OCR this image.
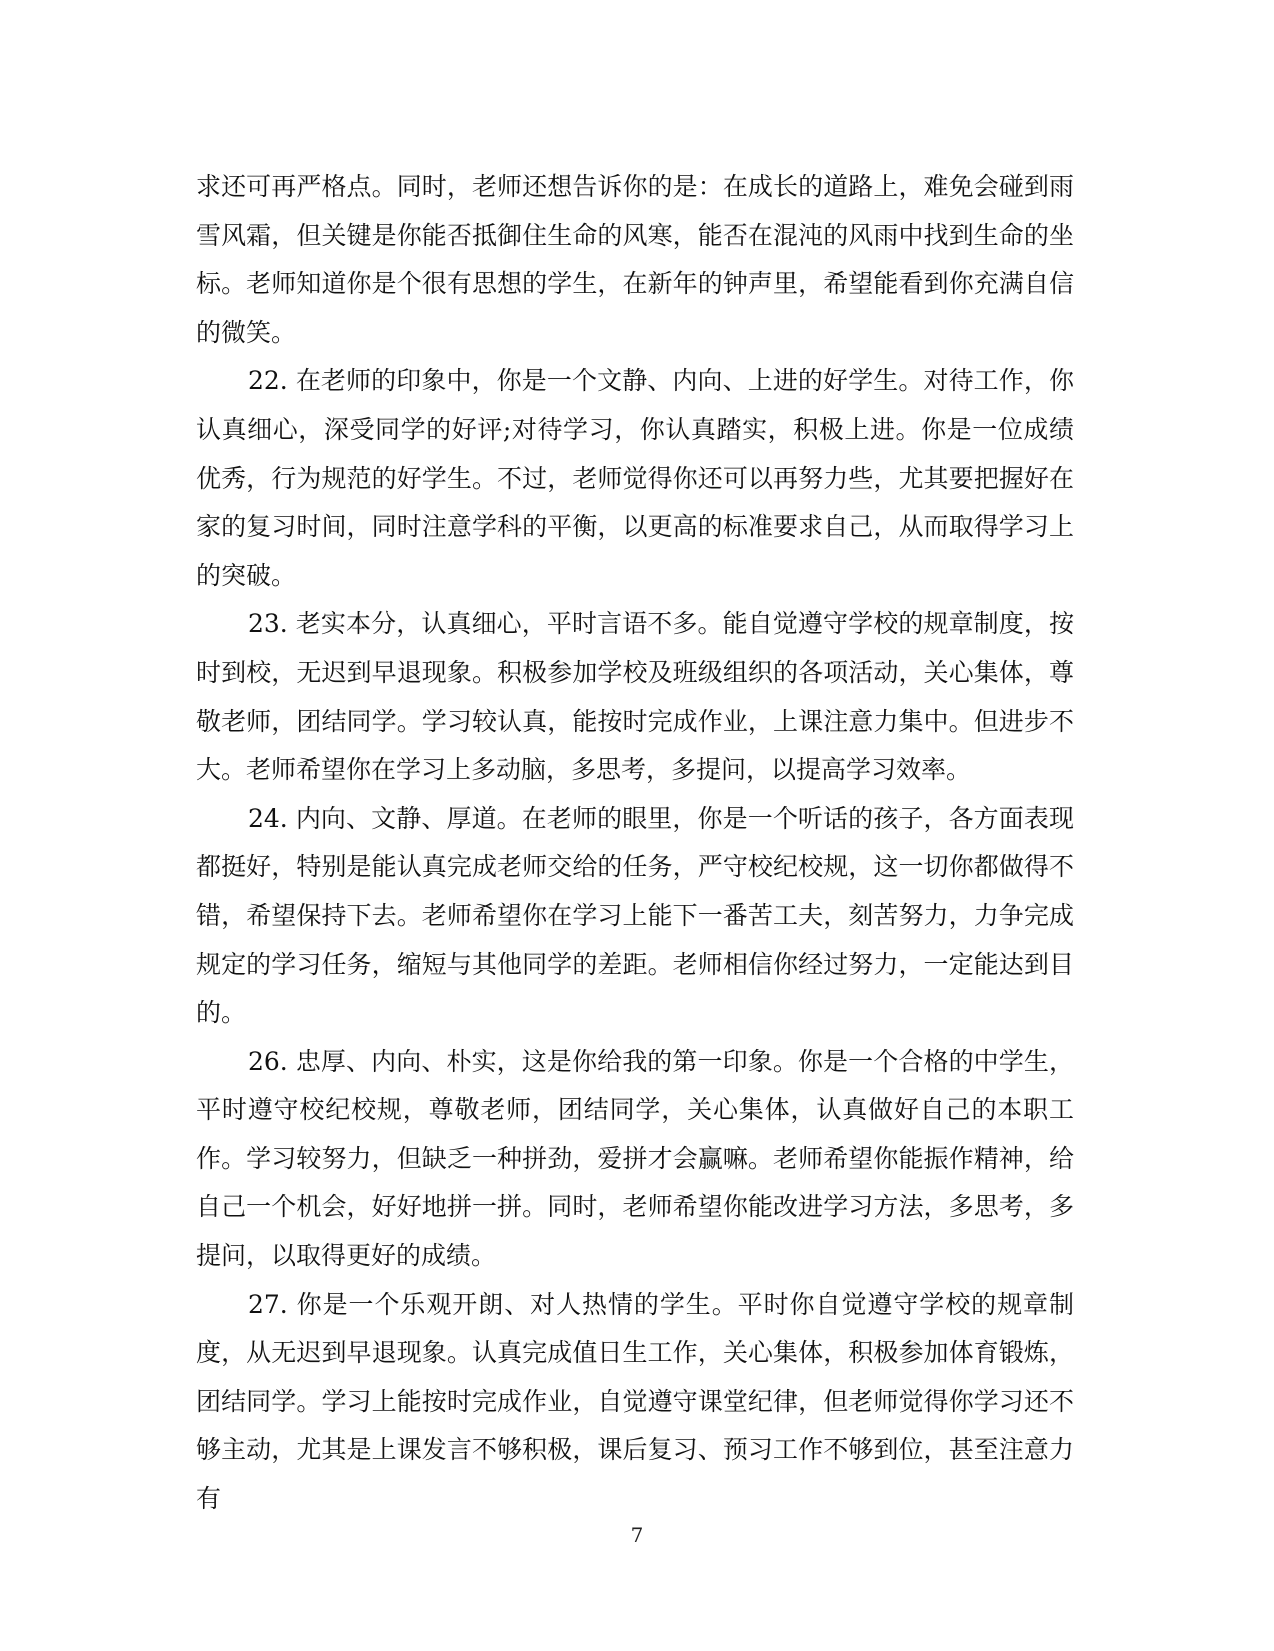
求还可再严格点。同时，老师还想告诉你的是：在成长的道路上，难免会碰到雨雪风霜，但关键是你能否抵御住生命的风寒，能否在混沌的风雨中找到生命的坐标。老师知道你是个很有思想的学生，在新年的钟声里，希望能看到你充满自信的微笑。

22. 在老师的印象中，你是一个文静、内向、上进的好学生。对待工作，你认真细心，深受同学的好评;对待学习，你认真踏实，积极上进。你是一位成绩优秀，行为规范的好学生。不过，老师觉得你还可以再努力些，尤其要把握好在家的复习时间，同时注意学科的平衡，以更高的标准要求自己，从而取得学习上的突破。

23. 老实本分，认真细心，平时言语不多。能自觉遵守学校的规章制度，按时到校，无迟到早退现象。积极参加学校及班级组织的各项活动，关心集体，尊敬老师，团结同学。学习较认真，能按时完成作业，上课注意力集中。但进步不大。老师希望你在学习上多动脑，多思考，多提问，以提高学习效率。

24. 内向、文静、厚道。在老师的眼里，你是一个听话的孩子，各方面表现都挺好，特别是能认真完成老师交给的任务，严守校纪校规，这一切你都做得不错，希望保持下去。老师希望你在学习上能下一番苦工夫，刻苦努力，力争完成规定的学习任务，缩短与其他同学的差距。老师相信你经过努力，一定能达到目的。

26. 忠厚、内向、朴实，这是你给我的第一印象。你是一个合格的中学生，平时遵守校纪校规，尊敬老师，团结同学，关心集体，认真做好自己的本职工作。学习较努力，但缺乏一种拼劲，爱拼才会赢嘛。老师希望你能振作精神，给自己一个机会，好好地拼一拼。同时，老师希望你能改进学习方法，多思考，多提问，以取得更好的成绩。

27. 你是一个乐观开朗、对人热情的学生。平时你自觉遵守学校的规章制度，从无迟到早退现象。认真完成值日生工作，关心集体，积极参加体育锻炼，团结同学。学习上能按时完成作业，自觉遵守课堂纪律，但老师觉得你学习还不够主动，尤其是上课发言不够积极，课后复习、预习工作不够到位，甚至注意力有

7
